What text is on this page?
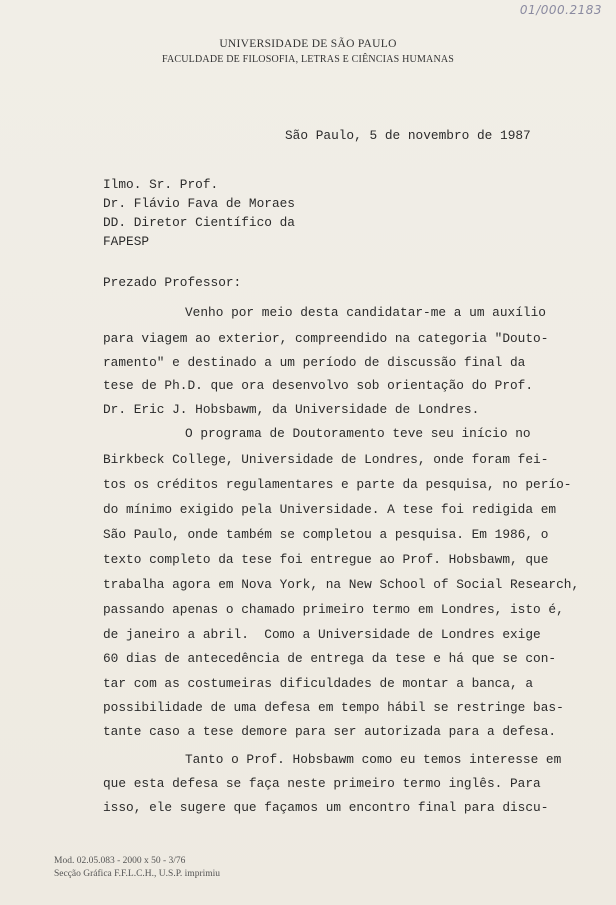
01/000.2183
UNIVERSIDADE DE SÃO PAULO
FACULDADE DE FILOSOFIA, LETRAS E CIÊNCIAS HUMANAS
São Paulo, 5 de novembro de 1987
Ilmo. Sr. Prof.
Dr. Flávio Fava de Moraes
DD. Diretor Científico da
FAPESP
Prezado Professor:
Venho por meio desta candidatar-me a um auxílio
para viagem ao exterior, compreendido na categoria "Douto-
ramento" e destinado a um período de discussão final da
tese de Ph.D. que ora desenvolvo sob orientação do Prof.
Dr. Eric J. Hobsbawm, da Universidade de Londres.
O programa de Doutoramento teve seu início no
Birkbeck College, Universidade de Londres, onde foram fei-
tos os créditos regulamentares e parte da pesquisa, no perío-
do mínimo exigido pela Universidade. A tese foi redigida em
São Paulo, onde também se completou a pesquisa. Em 1986, o
texto completo da tese foi entregue ao Prof. Hobsbawm, que
trabalha agora em Nova York, na New School of Social Research,
passando apenas o chamado primeiro termo em Londres, isto é,
de janeiro a abril.  Como a Universidade de Londres exige
60 dias de antecedência de entrega da tese e há que se con-
tar com as costumeiras dificuldades de montar a banca, a
possibilidade de uma defesa em tempo hábil se restringe bas-
tante caso a tese demore para ser autorizada para a defesa.
Tanto o Prof. Hobsbawm como eu temos interesse em
que esta defesa se faça neste primeiro termo inglês. Para
isso, ele sugere que façamos um encontro final para discu-
Mod. 02.05.083 - 2000 x 50 - 3/76
Secção Gráfica F.F.L.C.H., U.S.P. imprimiu
